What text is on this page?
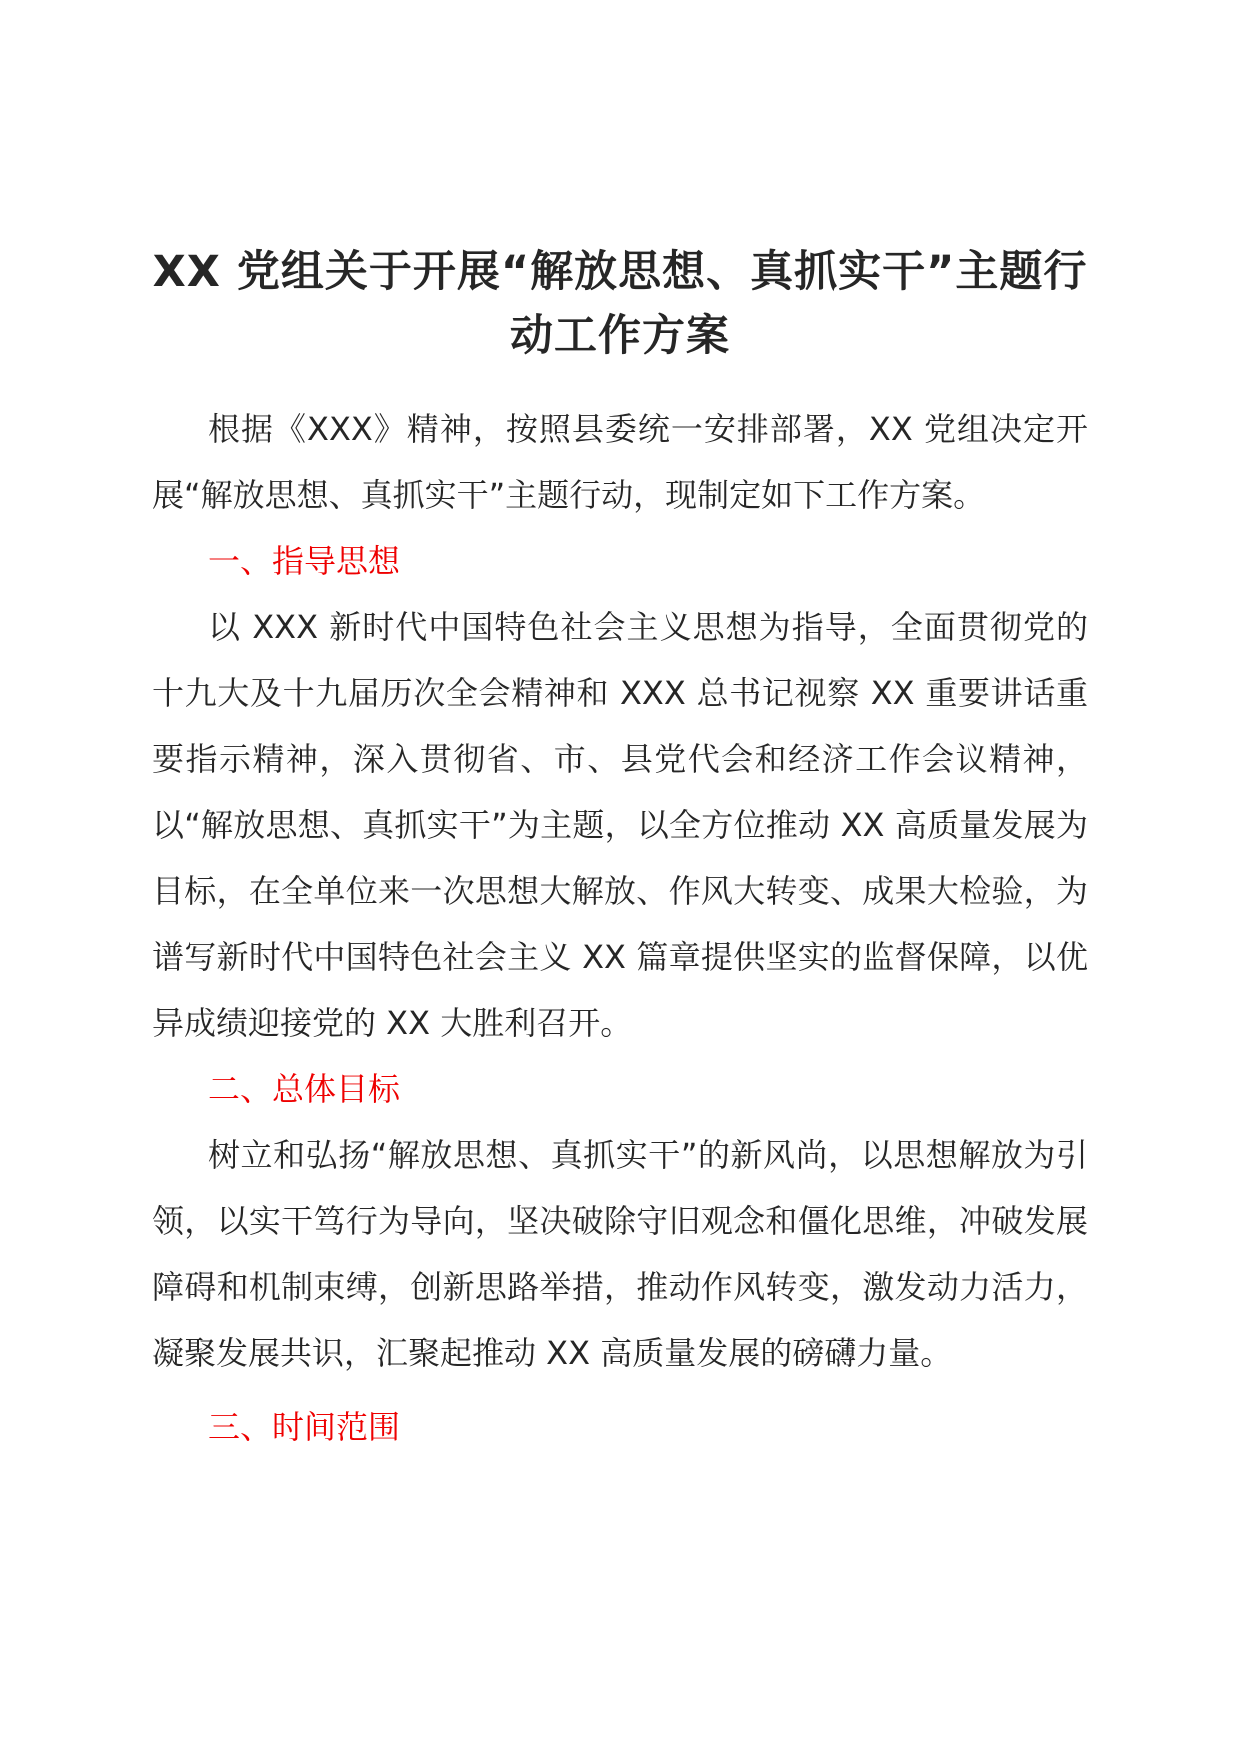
XX 党组关于开展“解放思想、真抓实干”主题行动工作方案

根据《XXX》精神，按照县委统一安排部署，XX 党组决定开展“解放思想、真抓实干”主题行动，现制定如下工作方案。

一、指导思想

以 XXX 新时代中国特色社会主义思想为指导，全面贯彻党的十九大及十九届历次全会精神和 XXX 总书记视察 XX 重要讲话重要指示精神，深入贯彻省、市、县党代会和经济工作会议精神，以“解放思想、真抓实干”为主题，以全方位推动 XX 高质量发展为目标，在全单位来一次思想大解放、作风大转变、成果大检验，为谱写新时代中国特色社会主义 XX 篇章提供坚实的监督保障，以优异成绩迎接党的 XX 大胜利召开。

二、总体目标

树立和弘扬“解放思想、真抓实干”的新风尚，以思想解放为引领，以实干笃行为导向，坚决破除守旧观念和僵化思维，冲破发展障碍和机制束缚，创新思路举措，推动作风转变，激发动力活力，凝聚发展共识，汇聚起推动 XX 高质量发展的磅礴力量。

三、时间范围
